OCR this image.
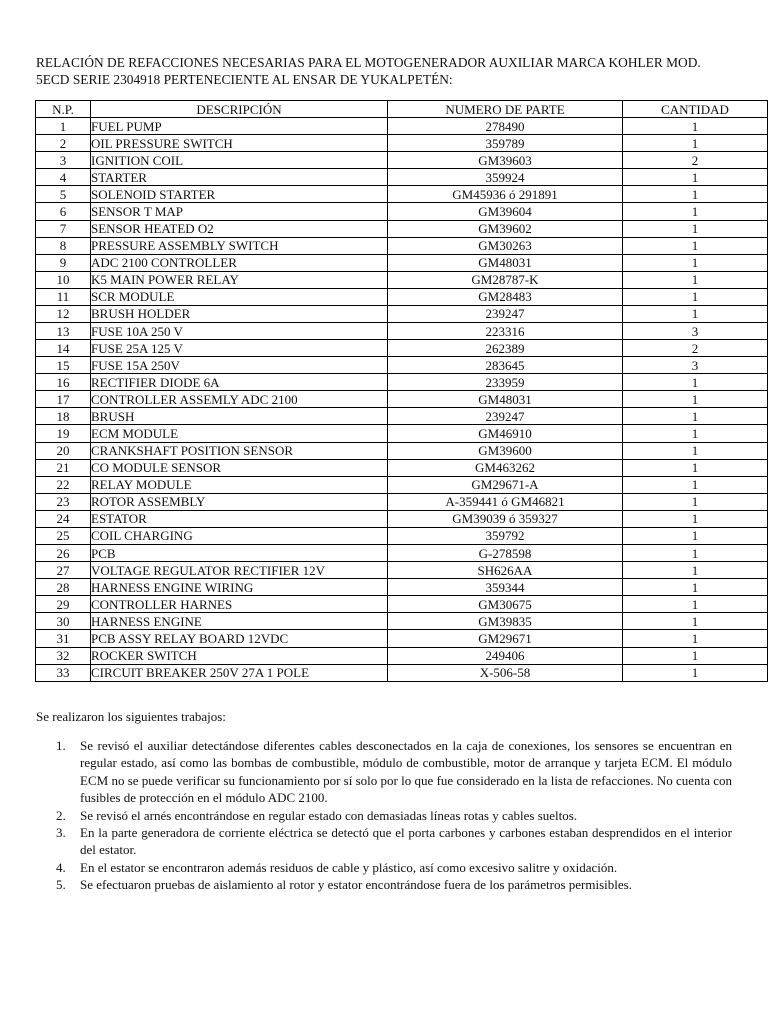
RELACIÓN DE REFACCIONES NECESARIAS PARA EL MOTOGENERADOR AUXILIAR MARCA KOHLER MOD.
5ECD SERIE 2304918 PERTENECIENTE AL ENSAR DE YUKALPETÉN:

N.P.	DESCRIPCIÓN	NUMERO DE PARTE	CANTIDAD
1	FUEL PUMP	278490	1
2	OIL PRESSURE SWITCH	359789	1
3	IGNITION COIL	GM39603	2
4	STARTER	359924	1
5	SOLENOID STARTER	GM45936 ó 291891	1
6	SENSOR T MAP	GM39604	1
7	SENSOR HEATED O2	GM39602	1
8	PRESSURE ASSEMBLY SWITCH	GM30263	1
9	ADC 2100 CONTROLLER	GM48031	1
10	K5 MAIN POWER RELAY	GM28787-K	1
11	SCR MODULE	GM28483	1
12	BRUSH HOLDER	239247	1
13	FUSE 10A 250 V	223316	3
14	FUSE 25A 125 V	262389	2
15	FUSE 15A 250V	283645	3
16	RECTIFIER DIODE 6A	233959	1
17	CONTROLLER ASSEMLY ADC 2100	GM48031	1
18	BRUSH	239247	1
19	ECM MODULE	GM46910	1
20	CRANKSHAFT POSITION SENSOR	GM39600	1
21	CO MODULE SENSOR	GM463262	1
22	RELAY MODULE	GM29671-A	1
23	ROTOR ASSEMBLY	A-359441 ó GM46821	1
24	ESTATOR	GM39039 ó 359327	1
25	COIL CHARGING	359792	1
26	PCB	G-278598	1
27	VOLTAGE REGULATOR RECTIFIER 12V	SH626AA	1
28	HARNESS ENGINE WIRING	359344	1
29	CONTROLLER HARNES	GM30675	1
30	HARNESS ENGINE	GM39835	1
31	PCB ASSY RELAY BOARD 12VDC	GM29671	1
32	ROCKER SWITCH	249406	1
33	CIRCUIT BREAKER 250V 27A 1 POLE	X-506-58	1

Se realizaron los siguientes trabajos:

1. Se revisó el auxiliar detectándose diferentes cables desconectados en la caja de conexiones, los sensores se encuentran en regular estado, así como las bombas de combustible, módulo de combustible, motor de arranque y tarjeta ECM. El módulo ECM no se puede verificar su funcionamiento por sí solo por lo que fue considerado en la lista de refacciones. No cuenta con fusibles de protección en el módulo ADC 2100.
2. Se revisó el arnés encontrándose en regular estado con demasiadas líneas rotas y cables sueltos.
3. En la parte generadora de corriente eléctrica se detectó que el porta carbones y carbones estaban desprendidos en el interior del estator.
4. En el estator se encontraron además residuos de cable y plástico, así como excesivo salitre y oxidación.
5. Se efectuaron pruebas de aislamiento al rotor y estator encontrándose fuera de los parámetros permisibles.
